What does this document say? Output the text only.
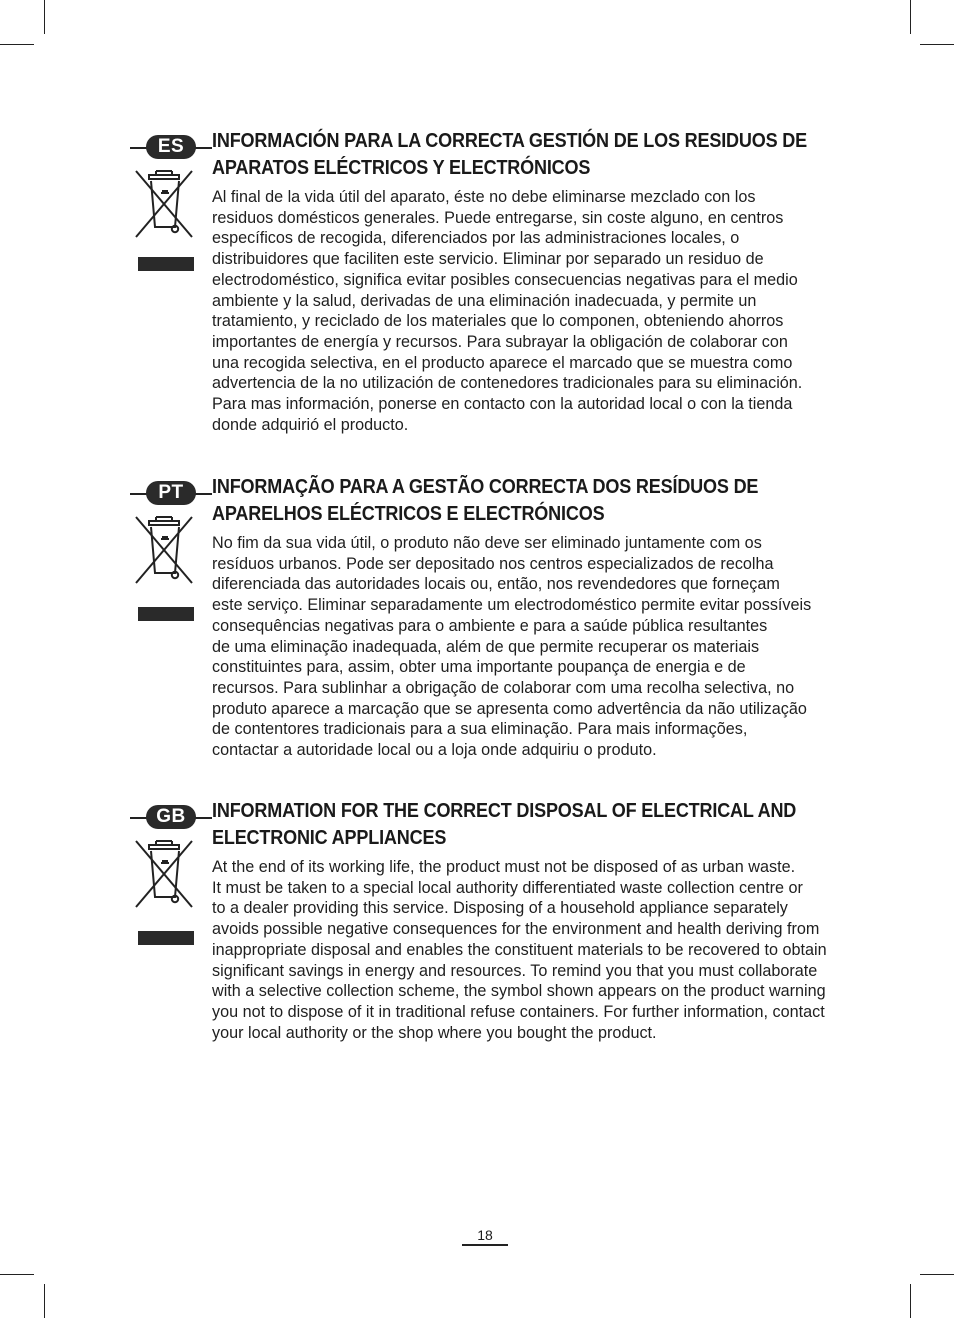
ES	INFORMACIÓN PARA LA CORRECTA GESTIÓN DE LOS RESIDUOS DE
APARATOS ELÉCTRICOS Y ELECTRÓNICOS

Al final de la vida útil del aparato, éste no debe eliminarse mezclado con los
residuos domésticos generales. Puede entregarse, sin coste alguno, en centros
específicos de recogida, diferenciados por las administraciones locales, o
distribuidores que faciliten este servicio. Eliminar por separado un residuo de
electrodoméstico, significa evitar posibles consecuencias negativas para el medio
ambiente y la salud, derivadas de una eliminación inadecuada, y permite un
tratamiento, y reciclado de los materiales que lo componen, obteniendo ahorros
importantes de energía y recursos. Para subrayar la obligación de colaborar con
una recogida selectiva, en el producto aparece el marcado que se muestra como
advertencia de la no utilización de contenedores tradicionales para su eliminación.
Para mas información, ponerse en contacto con la autoridad local o con la tienda
donde adquirió el producto.

PT	INFORMAÇÃO PARA A GESTÃO CORRECTA DOS RESÍDUOS DE
APARELHOS ELÉCTRICOS E ELECTRÓNICOS

No fim da sua vida útil, o produto não deve ser eliminado juntamente com os
resíduos urbanos. Pode ser depositado nos centros especializados de recolha
diferenciada das autoridades locais ou, então, nos revendedores que forneçam
este serviço. Eliminar separadamente um electrodoméstico permite evitar possíveis
consequências negativas para o ambiente e para a saúde pública resultantes
de uma eliminação inadequada, além de que permite recuperar os materiais
constituintes para, assim, obter uma importante poupança de energia e de
recursos. Para sublinhar a obrigação de colaborar com uma recolha selectiva, no
produto aparece a marcação que se apresenta como advertência da não utilização
de contentores tradicionais para a sua eliminação. Para mais informações,
contactar a autoridade local ou a loja onde adquiriu o produto.

GB	INFORMATION FOR THE CORRECT DISPOSAL OF ELECTRICAL AND
ELECTRONIC APPLIANCES

At the end of its working life, the product must not be disposed of as urban waste.
It must be taken to a special local authority differentiated waste collection centre or
to a dealer providing this service. Disposing of a household appliance separately
avoids possible negative consequences for the environment and health deriving from
inappropriate disposal and enables the constituent materials to be recovered to obtain
significant savings in energy and resources. To remind you that you must collaborate
with a selective collection scheme, the symbol shown appears on the product warning
you not to dispose of it in traditional refuse containers. For further information, contact
your local authority or the shop where you bought the product.

18
